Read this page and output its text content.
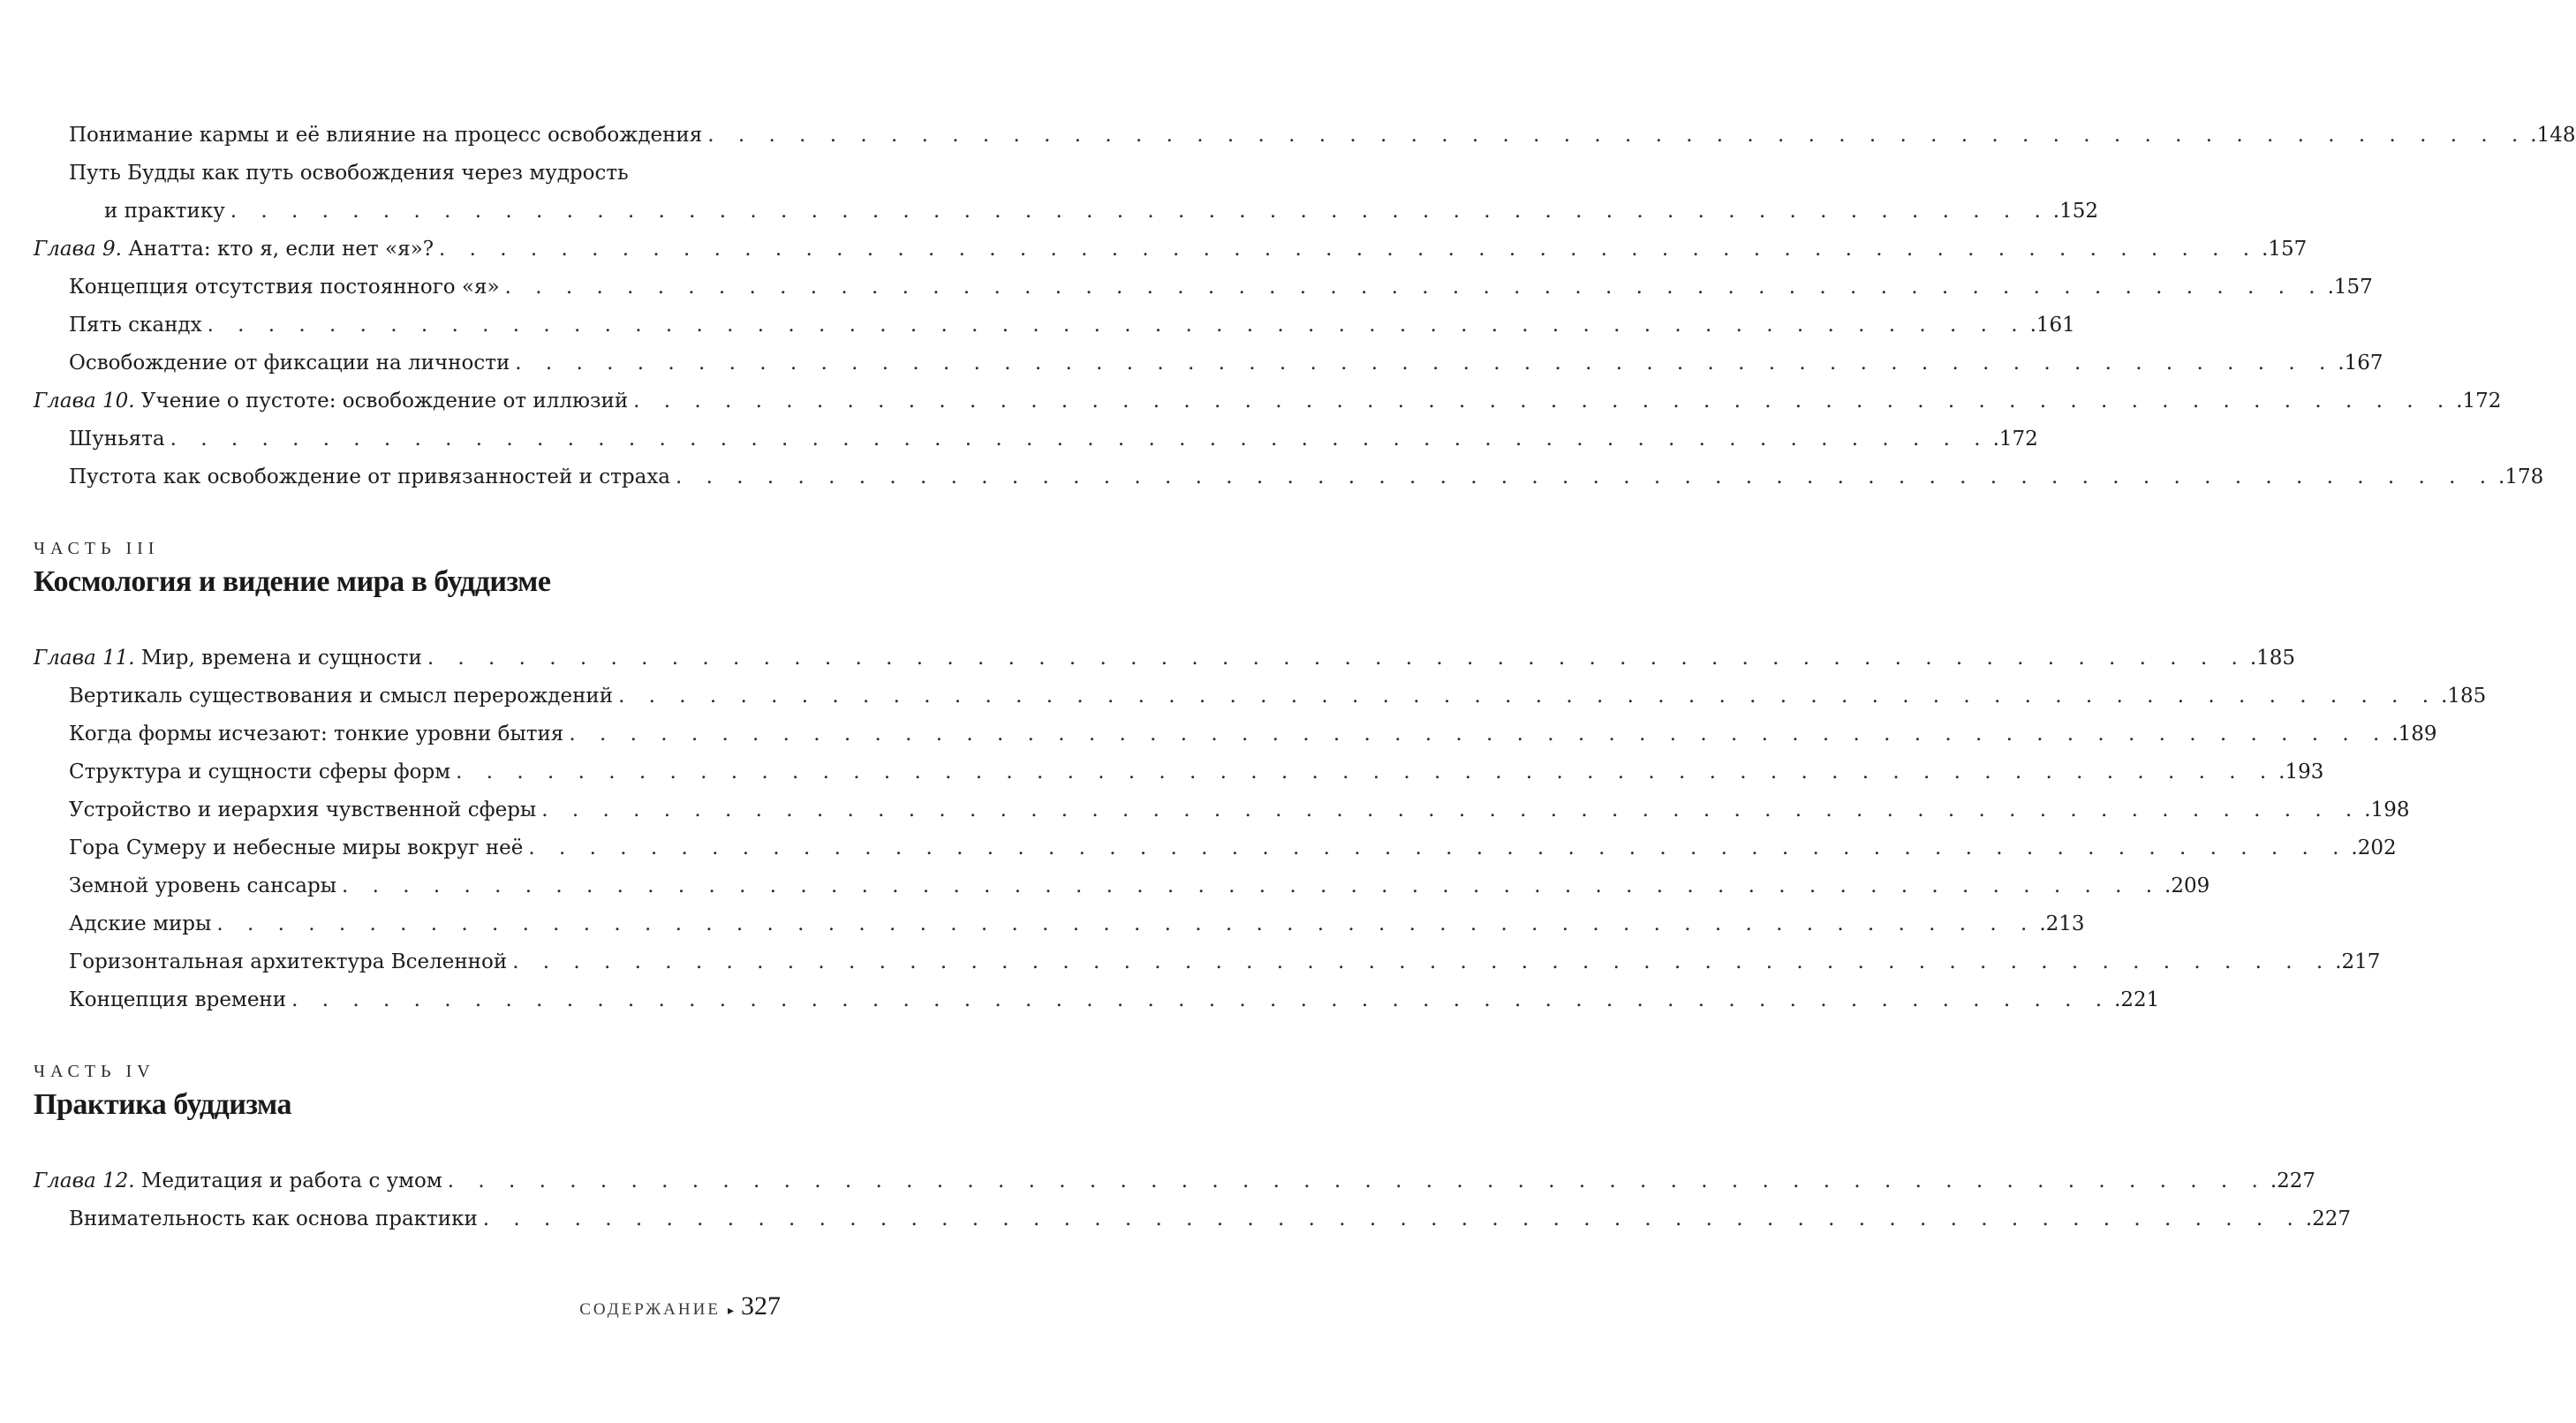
Понимание кармы и её влияние на процесс освобождения . . . . . . . . . . . . . . . . . . . . . . . . . . . . . . . . . . . . . . . . . . . . . . . . . . . . . . . . . . . . .148
Путь Будды как путь освобождения через мудрость
и практику . . . . . . . . . . . . . . . . . . . . . . . . . . . . . . . . . . . . . . . . . . . . . . . . . . . . . . . . . . . . .152
Глава 9. Анатта: кто я, если нет «я»? . . . . . . . . . . . . . . . . . . . . . . . . . . . . . . . . . . . . . . . . . . . . . . . . . . . . . . . . . . . . .157
Концепция отсутствия постоянного «я» . . . . . . . . . . . . . . . . . . . . . . . . . . . . . . . . . . . . . . . . . . . . . . . . . . . . . . . . . . . . .157
Пять скандх . . . . . . . . . . . . . . . . . . . . . . . . . . . . . . . . . . . . . . . . . . . . . . . . . . . . . . . . . . . . .161
Освобождение от фиксации на личности . . . . . . . . . . . . . . . . . . . . . . . . . . . . . . . . . . . . . . . . . . . . . . . . . . . . . . . . . . . . .167
Глава 10. Учение о пустоте: освобождение от иллюзий . . . . . . . . . . . . . . . . . . . . . . . . . . . . . . . . . . . . . . . . . . . . . . . . . . . . . . . . . . . . .172
Шуньята . . . . . . . . . . . . . . . . . . . . . . . . . . . . . . . . . . . . . . . . . . . . . . . . . . . . . . . . . . . . .172
Пустота как освобождение от привязанностей и страха . . . . . . . . . . . . . . . . . . . . . . . . . . . . . . . . . . . . . . . . . . . . . . . . . . . . . . . . . . . . .178
ЧАСТЬ III
Космология и видение мира в буддизме
Глава 11. Мир, времена и сущности . . . . . . . . . . . . . . . . . . . . . . . . . . . . . . . . . . . . . . . . . . . . . . . . . . . . . . . . . . . . .185
Вертикаль существования и смысл перерождений . . . . . . . . . . . . . . . . . . . . . . . . . . . . . . . . . . . . . . . . . . . . . . . . . . . . . . . . . . . . .185
Когда формы исчезают: тонкие уровни бытия . . . . . . . . . . . . . . . . . . . . . . . . . . . . . . . . . . . . . . . . . . . . . . . . . . . . . . . . . . . . .189
Структура и сущности сферы форм . . . . . . . . . . . . . . . . . . . . . . . . . . . . . . . . . . . . . . . . . . . . . . . . . . . . . . . . . . . . .193
Устройство и иерархия чувственной сферы . . . . . . . . . . . . . . . . . . . . . . . . . . . . . . . . . . . . . . . . . . . . . . . . . . . . . . . . . . . . .198
Гора Сумеру и небесные миры вокруг неё . . . . . . . . . . . . . . . . . . . . . . . . . . . . . . . . . . . . . . . . . . . . . . . . . . . . . . . . . . . . .202
Земной уровень сансары . . . . . . . . . . . . . . . . . . . . . . . . . . . . . . . . . . . . . . . . . . . . . . . . . . . . . . . . . . . . .209
Адские миры . . . . . . . . . . . . . . . . . . . . . . . . . . . . . . . . . . . . . . . . . . . . . . . . . . . . . . . . . . . . .213
Горизонтальная архитектура Вселенной . . . . . . . . . . . . . . . . . . . . . . . . . . . . . . . . . . . . . . . . . . . . . . . . . . . . . . . . . . . . .217
Концепция времени . . . . . . . . . . . . . . . . . . . . . . . . . . . . . . . . . . . . . . . . . . . . . . . . . . . . . . . . . . . . .221
ЧАСТЬ IV
Практика буддизма
Глава 12. Медитация и работа с умом . . . . . . . . . . . . . . . . . . . . . . . . . . . . . . . . . . . . . . . . . . . . . . . . . . . . . . . . . . . . .227
Внимательность как основа практики . . . . . . . . . . . . . . . . . . . . . . . . . . . . . . . . . . . . . . . . . . . . . . . . . . . . . . . . . . . . .227
СОДЕРЖАНИЕ ▸ 327
